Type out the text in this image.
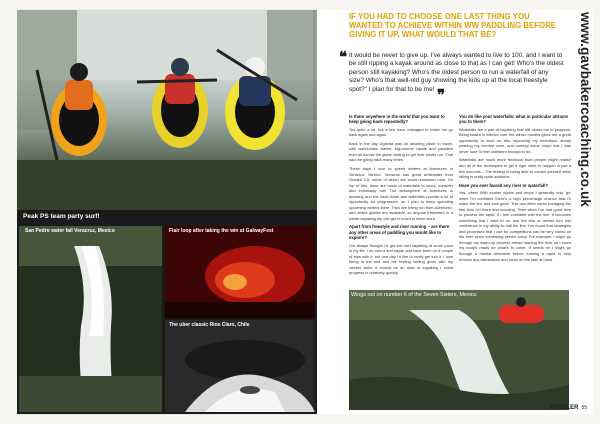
Peak PS team party surf!
San Pedro water fall Veracruz, Mexico	Flair loop after taking the win at GalwayFest
The uber classic Rios Claro, Chile
IF YOU HAD TO CHOOSE ONE LAST THING YOU WANTED TO ACHIEVE WITHIN WW PADDLING BEFORE GIVING IT UP, WHAT WOULD THAT BE?
❝ It would be never to give up. I've always wanted to live to 100, and I want to be still ripping a kayak around as close to that as I can get! Who's the oldest person still kayaking? Who's the oldest person to run a waterfall of any size? Who's that well-old guy showing the kids up at the local freestyle spot?" I plan for that to be me! ❞	www.gavbakercoaching.co.uk
Is there anywhere in the world that you want to keep going back repeatedly?

Yes quite a lot, but a few have managed to make me go back again and again.

Back in the day Uganda was an amazing place to travel, with world-class waves, big-volume rapids and paddlers from all across the globe visiting to get their winter run. That had me going back many times.

These days I love to spend winters at Aventurec in Veracruz, Mexico. Veracruz has great whitewater from Grades 2-5, some of which are world-renowned runs. On top of this, there are loads of waterfalls to scout, consider and eventually run! The atmosphere at Aventurec is amazing and the local rivers and waterfalls provide a lot of opportunity for progression, so I plan to keep spending upcoming winters there. Trips are being run from Aventurec, and onsite guides are available, so anyone interested in a winter kayaking trip can get in touch to learn more.

Apart from freestyle and river running – are there any other areas of paddling you would like to explore?

I've always thought I'd get into surf kayaking at some point in my life. I do own a surf kayak and have been on a couple of trips with it, but one day I'd like to really get into it. I love being in the sea and the feeling surfing gives with my current skills, it should be an area of kayaking I could progress in relatively quickly.

You do like your waterfalls; what in particular attracts you to them?

Waterfalls are a part of kayaking that still needs me to progress. Being based in Mexico over the winter months gives me a great opportunity to work on this, improving my technique, slowly pushing my comfort zone, and running some drops that I was never sure I'd feel confident enough to do.

Waterfalls are much more technical than people might realise and all of the techniques to get it right need to happen in just a few seconds... The feeling of being able to control yourself while falling is really quite addictive.

Have you ever feared any river or waterfall?

Yes, often! With scarier rapids and drops I generally only 'go' when I'm confident there's a high percentage chance that I'll make the line and look good. This can often mean portaging the first time I'm there and scouting. Then when I've had good time to process the rapid, if I feel confident with the line, it becomes something that I want to do, and the fear or nerves turn into confidence in my ability to nail the line. I've found that strategies and processes that I use for competitions can be very useful on the river when something seems scary. For example, I might go through my warm-up process before starting the river so I know my body's ready for what's to come. If needs be I might go through a mental rehearsal before running a rapid to help remove any distractions and focus on the task at hand.

Wings out on number 6 of the Seven Sisters, Mexico
PADDLER 55
